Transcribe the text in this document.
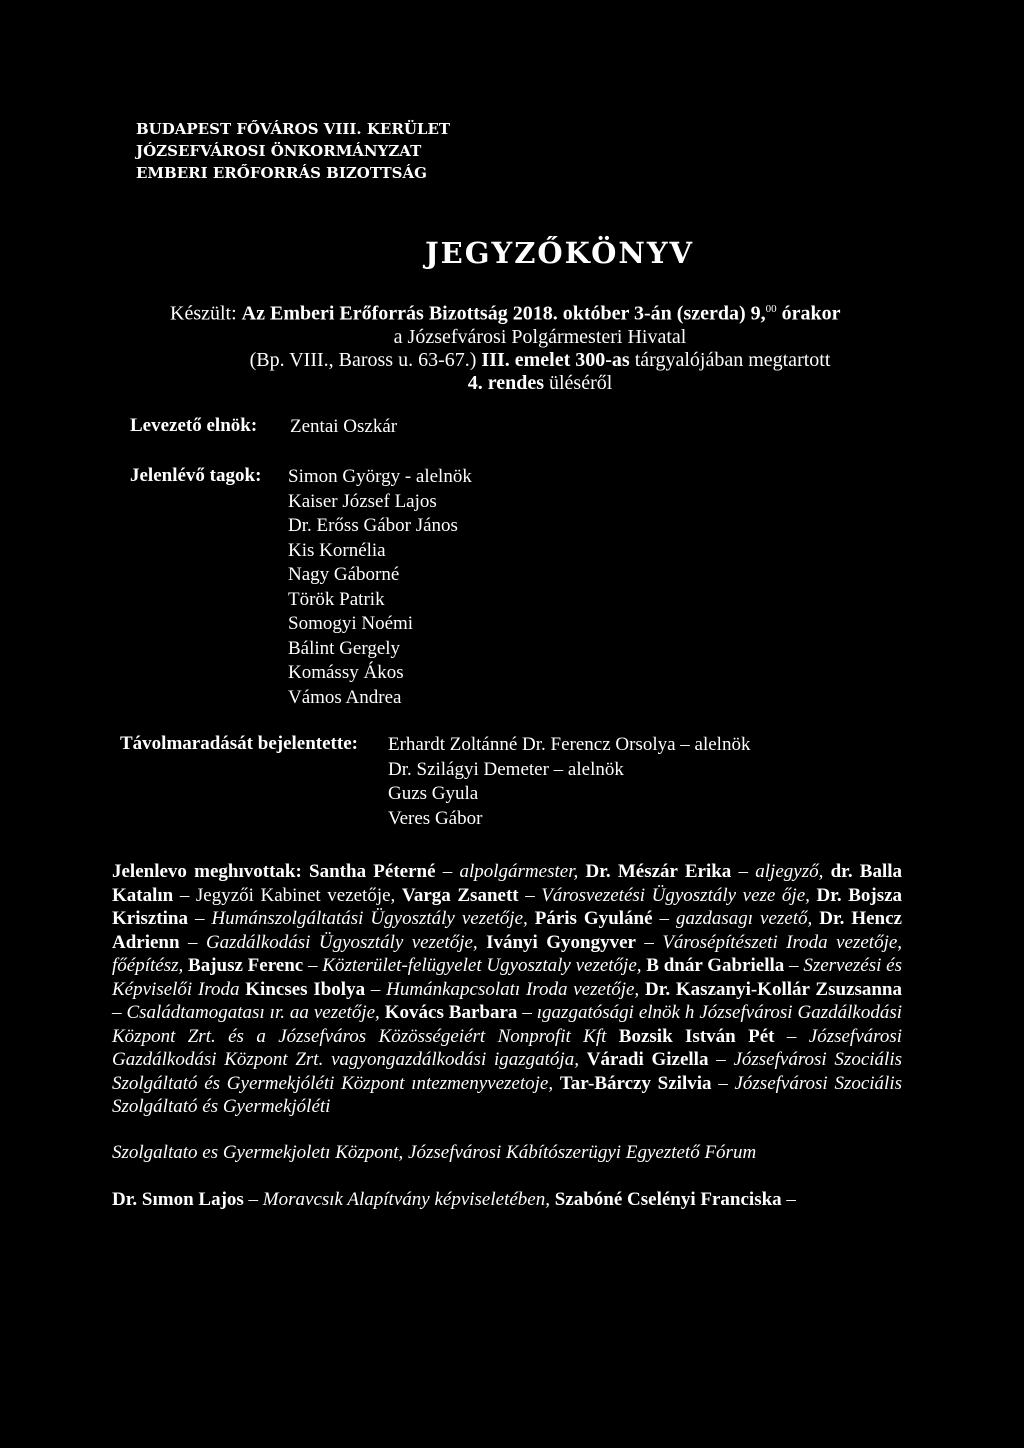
BUDAPEST FŐVÁROS VIII. KERÜLET
JÓZSEFVÁROSI ÖNKORMÁNYZAT
EMBERI ERŐFORRÁS BIZOTTSÁG
JEGYZŐKÖNYV
Készült: Az Emberi Erőforrás Bizottság 2018. október 3-án (szerda) 9,00 órakor
a Józsefvárosi Polgármesteri Hivatal
(Bp. VIII., Baross u. 63-67.) III. emelet 300-as tárgyalójában megtartott
4. rendes üléséről
Levezető elnök: Zentai Oszkár
Jelenlévő tagok: Simon György - alelnök
Kaiser József Lajos
Dr. Erőss Gábor János
Kis Kornélia
Nagy Gáborné
Török Patrik
Somogyi Noémi
Bálint Gergely
Komássy Ákos
Vámos Andrea
Távolmaradását bejelentette: Erhardt Zoltánné Dr. Ferencz Orsolya – alelnök
Dr. Szilágyi Demeter – alelnök
Guzs Gyula
Veres Gábor

Jelenlevo meghıvottak: Santha Péterné – alpolgármester, Dr. Mészár Erika – aljegyző, dr. Balla Katalın – Jegyzői Kabinet vezetője, Varga Zsanett – Városvezetési Ügyosztály veze ője, Dr. Bojsza Krisztina – Humánszolgáltatási Ügyosztály vezetője, Páris Gyuláné – gazdasagı vezető, Dr. Hencz Adrienn – Gazdálkodási Ügyosztály vezetője, Iványi Gyongyver – Városépítészeti Iroda vezetője, főépítész, Bajusz Ferenc – Közterület-felügyelet Ugyosztaly vezetője, B dnár Gabriella – Szervezési és Képviselői Iroda Kincses Ibolya – Humánkapcsolatı Iroda vezetője, Dr. Kaszanyi-Kollár Zsuzsanna – Családtamogatası ır. aa vezetője, Kovács Barbara – ıgazgatósági elnök h Józsefvárosi Gazdálkodási Központ Zrt. és a Józsefváros Közösségeiért Nonprofit Kft Bozsik István Pét – Józsefvárosi Gazdálkodási Központ Zrt. vagyongazdálkodási igazgatója, Váradi Gizella – Józsefvárosi Szociális Szolgáltató és Gyermekjóléti Központ ıntezmenyvezetoje, Tar-Bárczy Szilvia – Józsefvárosi Szociális Szolgáltató és Gyermekjóléti

Szolgaltato es Gyermekjoletı Központ, Józsefvárosi Kábítószerügyi Egyeztető Fórum

Dr. Sımon Lajos – Moravcsık Alapítvány képviseletében, Szabóné Cselényi Franciska –
